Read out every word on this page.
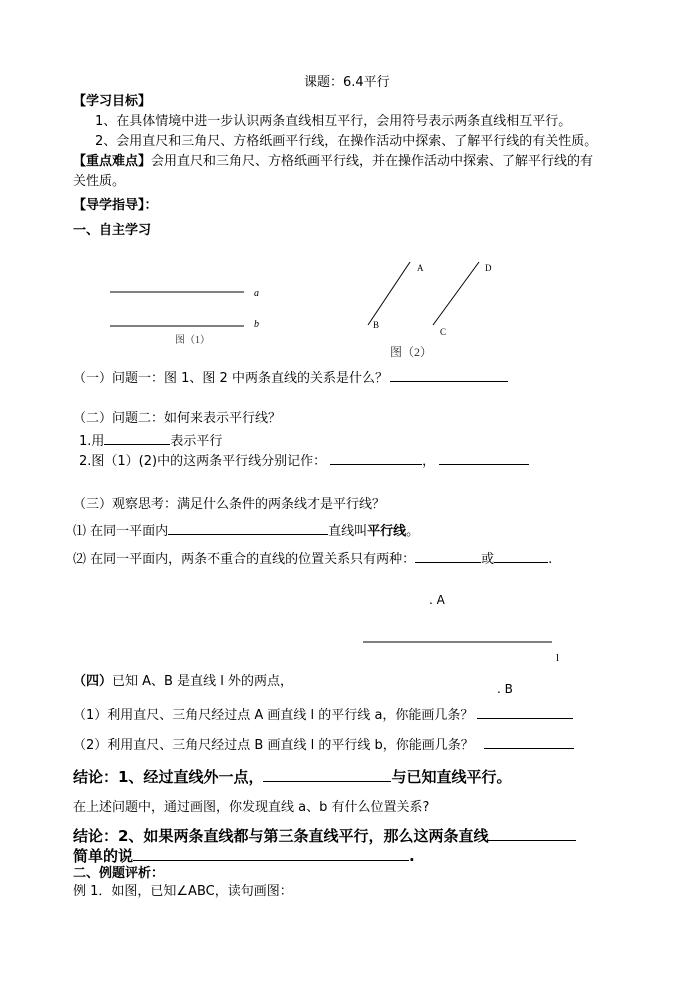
课题：6.4平行
【学习目标】
1、在具体情境中进一步认识两条直线相互平行，会用符号表示两条直线相互平行。
2、会用直尺和三角尺、方格纸画平行线，在操作活动中探索、了解平行线的有关性质。
【重点难点】会用直尺和三角尺、方格纸画平行线，并在操作活动中探索、了解平行线的有
关性质。
【导学指导】：
一、自主学习
a
b
图（1）
A
B
C
D
图（2）
（一）问题一：图 1、图 2 中两条直线的关系是什么？
（二）问题二：如何来表示平行线？
1.用	表示平行
2.图（1）(2)中的这两条平行线分别记作：	，
（三）观察思考：满足什么条件的两条线才是平行线？
⑴ 在同一平面内	直线叫平行线。
⑵ 在同一平面内，两条不重合的直线的位置关系只有两种：	或	.
. A
l
. B
（四）已知 A、B 是直线 l 外的两点，
（1）利用直尺、三角尺经过点 A 画直线 l 的平行线 a，你能画几条？
（2）利用直尺、三角尺经过点 B 画直线 l 的平行线 b，你能画几条？
结论：1、经过直线外一点，	与已知直线平行。
在上述问题中，通过画图，你发现直线 a、b 有什么位置关系?
结论：2、如果两条直线都与第三条直线平行，那么这两条直线
简单的说	.
二、例题评析：
例 1．如图，已知∠ABC，读句画图：
